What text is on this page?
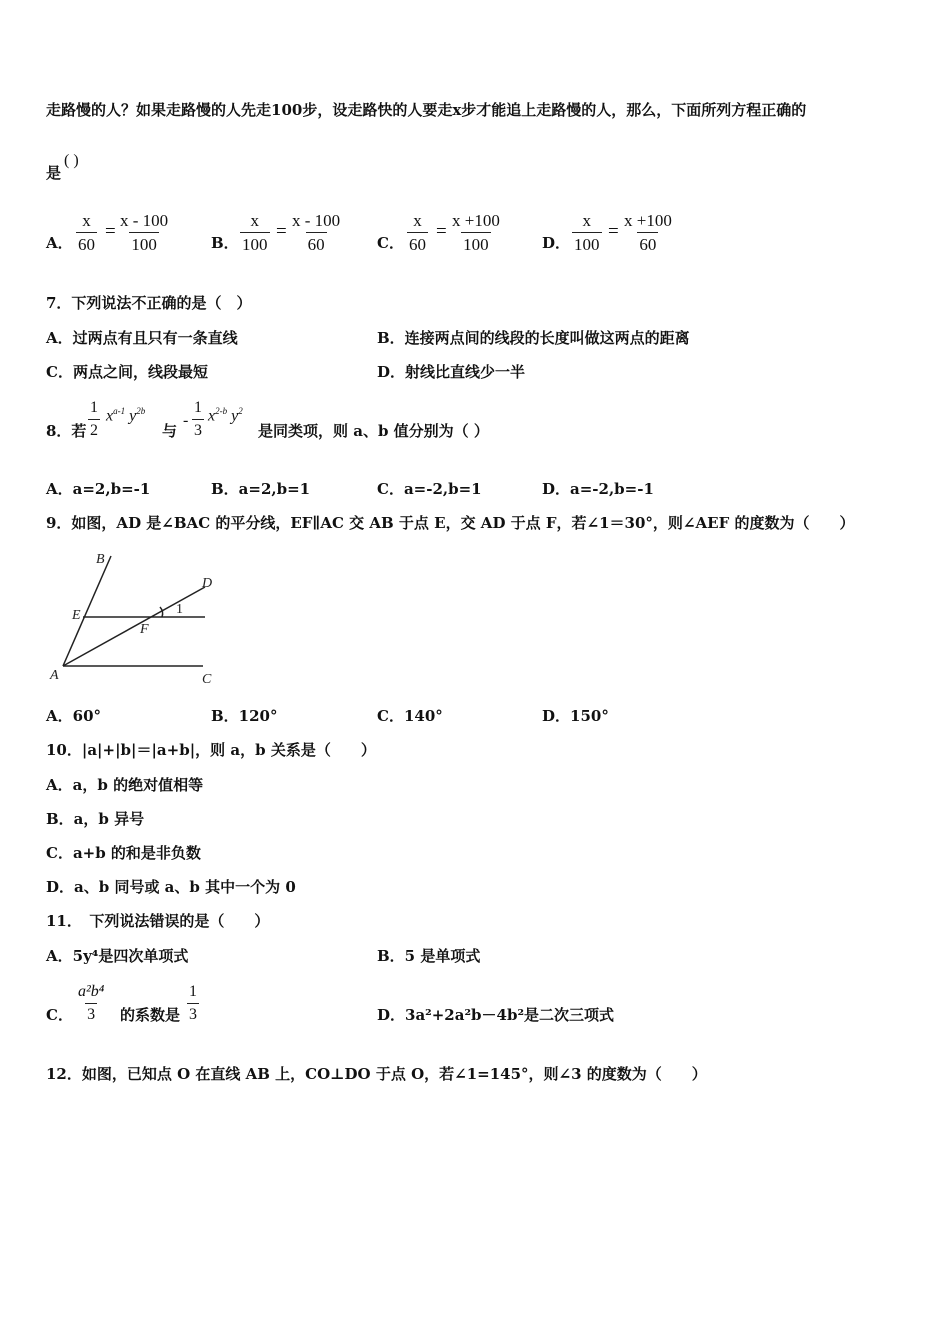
走路慢的人？如果走路慢的人先走100步，设走路快的人要走x步才能追上走路慢的人，那么，下面所列方程正确的
( )
是
A． $\frac{x}{60} = \frac{x - 100}{100}$	B． $\frac{x}{100} = \frac{x - 100}{60}$ C． $\frac{x}{60} = \frac{x +100}{100}$	D． $\frac{x}{100} = \frac{x +100}{60}$
7．下列说法不正确的是（　）
A．过两点有且只有一条直线	B．连接两点间的线段的长度叫做这两点的距离
C．两点之间，线段最短	D．射线比直线少一半
8．若 $\frac{1}{2} x^{a-1}$ $y^{2b}$
与
- $\frac{1}{3} x^{2-b}$ $y^2$
是同类项，则 a、b 值分别为（ ）
A．a=2,b=-1	B．a=2,b=1	C．a=-2,b=1	D．a=-2,b=-1
9．如图，AD 是∠BAC 的平分线，EF∥AC 交 AB 于点 E，交 AD 于点 F，若∠1＝30°，则∠AEF 的度数为（　　）
B
D
E
F
A	C
1
A．60°	B．120°	C．140°	D．150°
10．|a|+|b|＝|a+b|，则 a，b 关系是（　　）
A．a，b 的绝对值相等
B．a，b 异号
C．a+b 的和是非负数
D．a、b 同号或 a、b 其中一个为 0
11．　下列说法错误的是（　　）
A．5y⁴是四次单项式	B．5 是单项式
C． $\frac{\text{a²b⁴}}{3}$ 的系数是 $\frac{1}{3}$	D．3a²+2a²b－4b²是二次三项式
12．如图，已知点 O 在直线 AB 上，CO⊥DO 于点 O，若∠1=145°，则∠3 的度数为（　　）
